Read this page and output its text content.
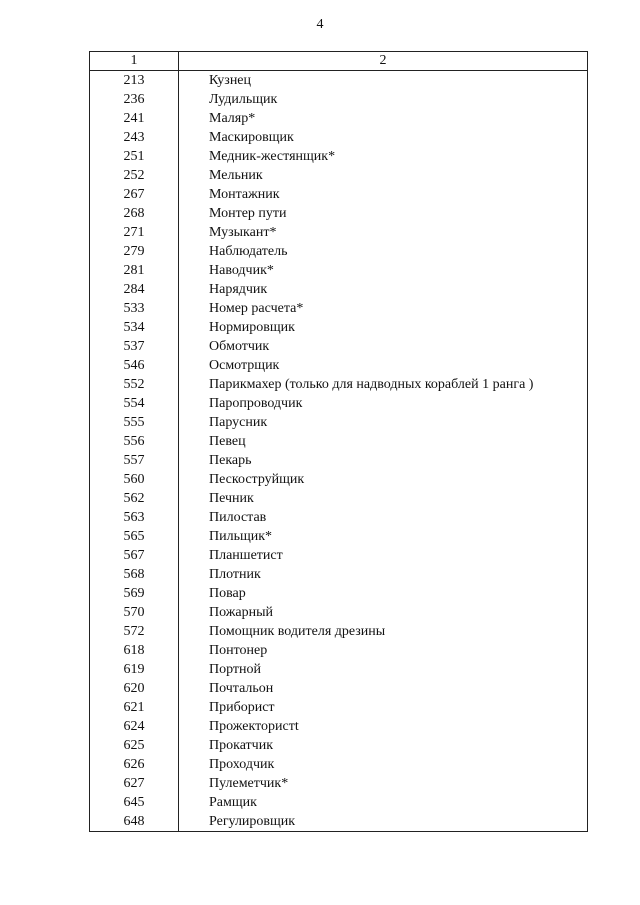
4
1	2
213	Кузнец
236	Лудильщик
241	Маляр*
243	Маскировщик
251	Медник-жестянщик*
252	Мельник
267	Монтажник
268	Монтер пути
271	Музыкант*
279	Наблюдатель
281	Наводчик*
284	Нарядчик
533	Номер расчета*
534	Нормировщик
537	Обмотчик
546	Осмотрщик
552	Парикмахер (только для надводных кораблей 1 ранга )
554	Паропроводчик
555	Парусник
556	Певец
557	Пекарь
560	Пескоструйщик
562	Печник
563	Пилостав
565	Пильщик*
567	Планшетист
568	Плотник
569	Повар
570	Пожарный
572	Помощник водителя дрезины
618	Понтонер
619	Портной
620	Почтальон
621	Приборист
624	Прожектористt
625	Прокатчик
626	Проходчик
627	Пулеметчик*
645	Рамщик
648	Регулировщик
